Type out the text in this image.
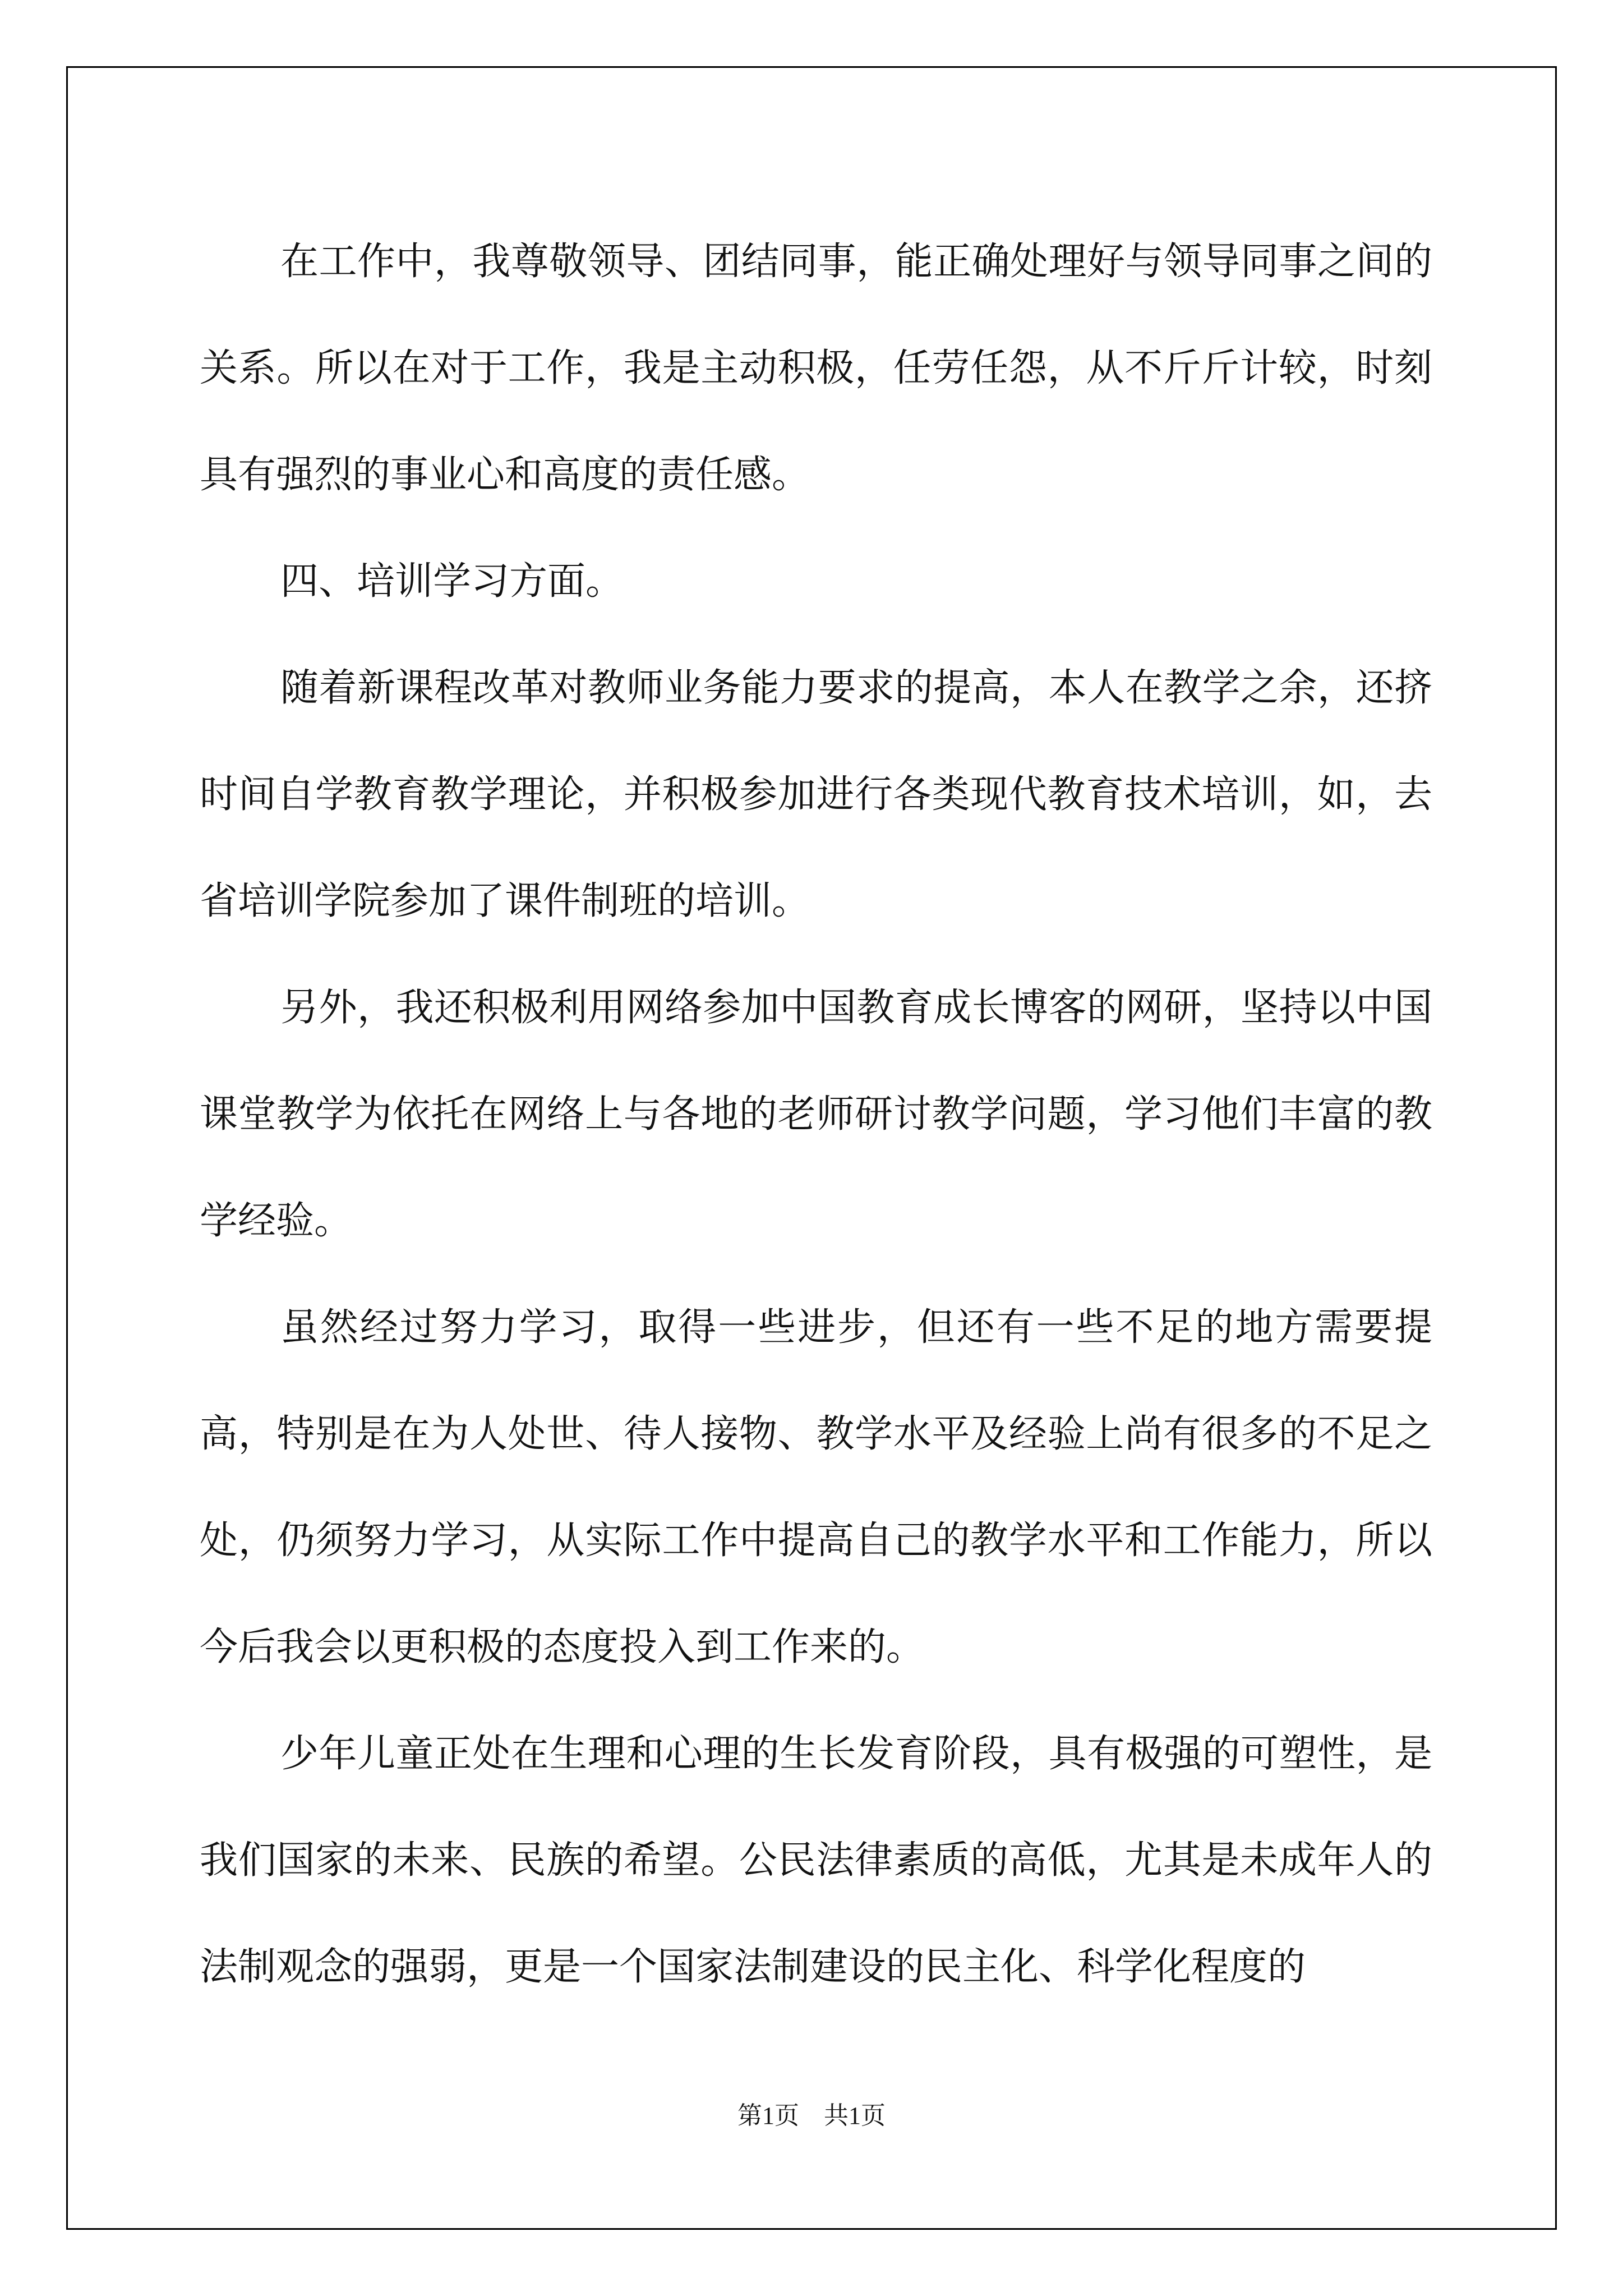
在工作中，我尊敬领导、团结同事，能正确处理好与领导同事之间的关系。所以在对于工作，我是主动积极，任劳任怨，从不斤斤计较，时刻具有强烈的事业心和高度的责任感。

四、培训学习方面。

随着新课程改革对教师业务能力要求的提高，本人在教学之余，还挤时间自学教育教学理论，并积极参加进行各类现代教育技术培训，如，去省培训学院参加了课件制班的培训。

另外，我还积极利用网络参加中国教育成长博客的网研，坚持以中国课堂教学为依托在网络上与各地的老师研讨教学问题，学习他们丰富的教学经验。

虽然经过努力学习，取得一些进步，但还有一些不足的地方需要提高，特别是在为人处世、待人接物、教学水平及经验上尚有很多的不足之处，仍须努力学习，从实际工作中提高自己的教学水平和工作能力，所以今后我会以更积极的态度投入到工作来的。

少年儿童正处在生理和心理的生长发育阶段，具有极强的可塑性，是我们国家的未来、民族的希望。公民法律素质的高低，尤其是未成年人的法制观念的强弱，更是一个国家法制建设的民主化、科学化程度的

第1页　共1页
